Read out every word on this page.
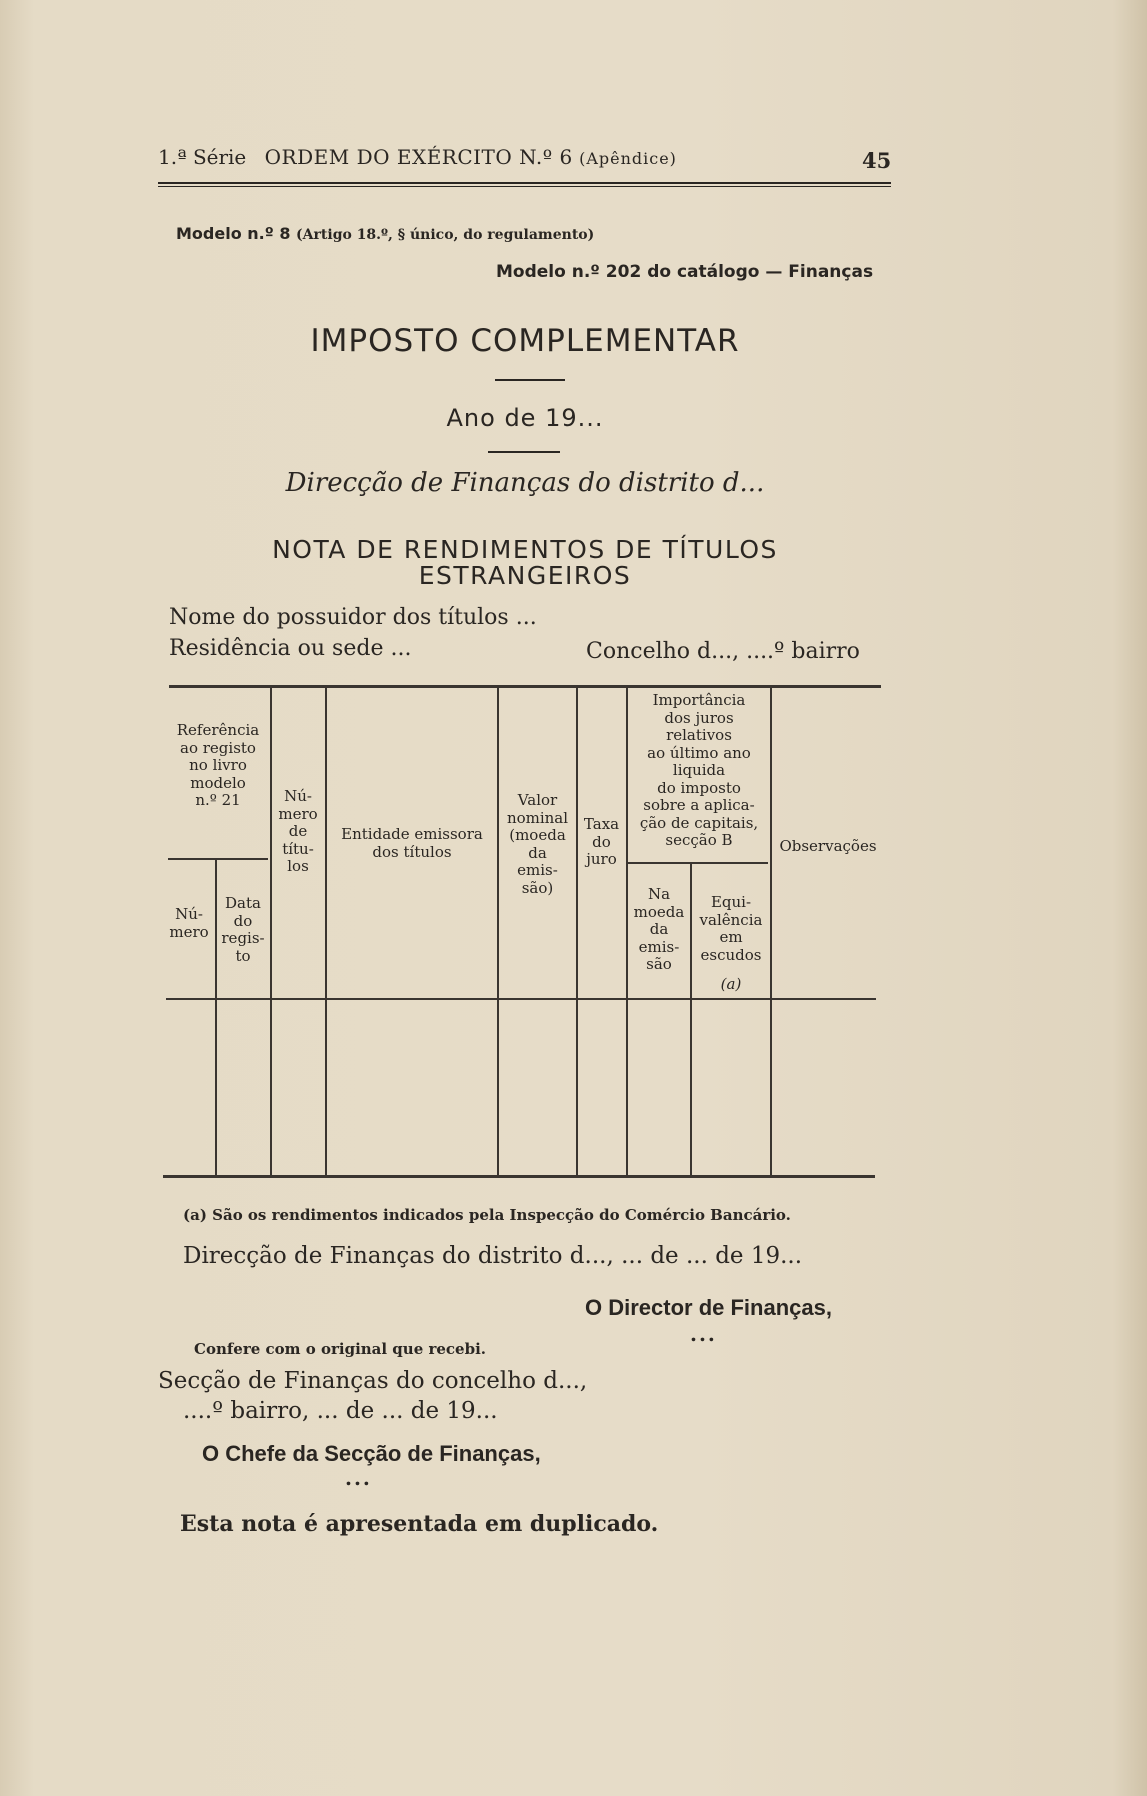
1.ª Série ORDEM DO EXÉRCITO N.º 6 (Apêndice)	45
Modelo n.º 8 (Artigo 18.º, § único, do regulamento)
Modelo n.º 202 do catálogo — Finanças
IMPOSTO COMPLEMENTAR
Ano de 19...
Direcção de Finanças do distrito d...
NOTA DE RENDIMENTOS DE TÍTULOS
ESTRANGEIROS
Nome do possuidor dos títulos ...
Residência ou sede ...	Concelho d..., ....º bairro
Referência
ao registo
no livro
modelo
n.º 21
Nú-
mero
Data
do
regis-
to
Nú-
mero
de
títu-
los
Entidade emissora
dos títulos
Valor
nominal
(moeda
da
emis-
são)
Taxa
do
juro
Importância
dos juros
relativos
ao último ano
liquida
do imposto
sobre a aplica-
ção de capitais,
secção B
Na
moeda
da
emis-
são
Equi-
valência
em
escudos
(a)
Observações
(a) São os rendimentos indicados pela Inspecção do Comércio Bancário.
Direcção de Finanças do distrito d..., ... de ... de 19...
O Director de Finanças,
...
Confere com o original que recebi.
Secção de Finanças do concelho d...,
....º bairro, ... de ... de 19...
O Chefe da Secção de Finanças,
...
Esta nota é apresentada em duplicado.
